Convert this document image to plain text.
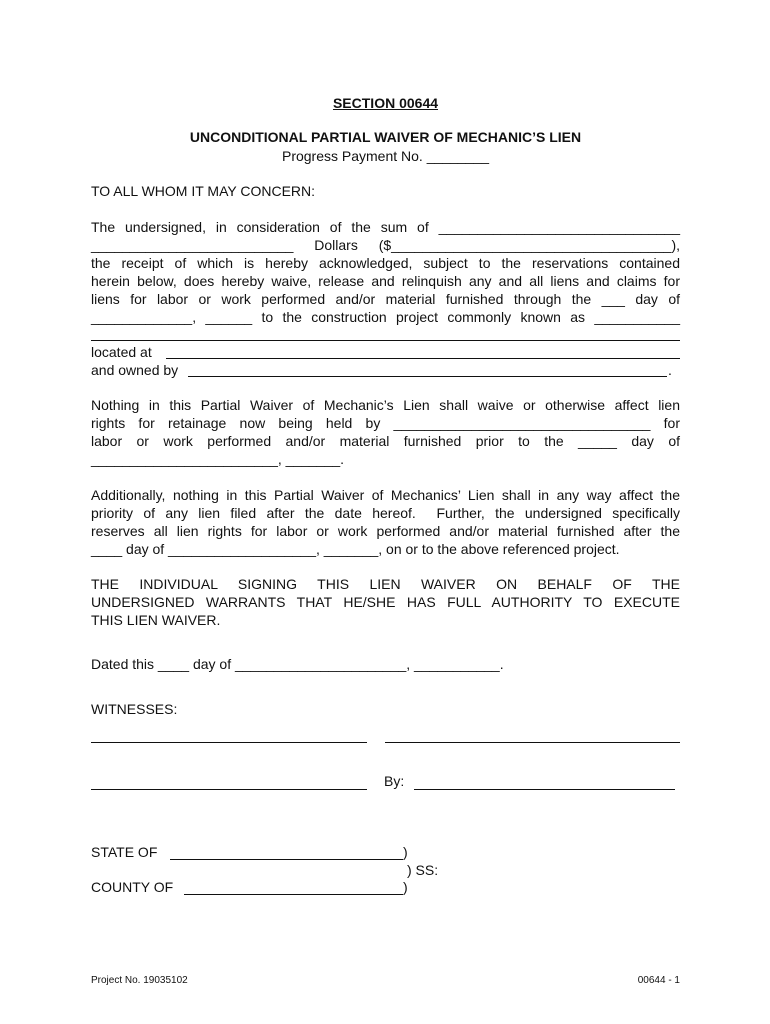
SECTION 00644
UNCONDITIONAL PARTIAL WAIVER OF MECHANIC’S LIEN
Progress Payment No. ________
TO ALL WHOM IT MAY CONCERN:
The undersigned, in consideration of the sum of _______________________________
__________________________ Dollars ($____________________________________),
the receipt of which is hereby acknowledged, subject to the reservations contained
herein below, does hereby waive, release and relinquish any and all liens and claims for
liens for labor or work performed and/or material furnished through the ___ day of
_____________, ______ to the construction project commonly known as ___________
located at
and owned by	.
Nothing in this Partial Waiver of Mechanic’s Lien shall waive or otherwise affect lien
rights for retainage now being held by _________________________________ for
labor or work performed and/or material furnished prior to the _____ day of
________________________, _______.
Additionally, nothing in this Partial Waiver of Mechanics’ Lien shall in any way affect the
priority of any lien filed after the date hereof.  Further, the undersigned specifically
reserves all lien rights for labor or work performed and/or material furnished after the
____ day of ___________________, _______, on or to the above referenced project.
THE INDIVIDUAL SIGNING THIS LIEN WAIVER ON BEHALF OF THE
UNDERSIGNED WARRANTS THAT HE/SHE HAS FULL AUTHORITY TO EXECUTE
THIS LIEN WAIVER.
Dated this ____ day of ______________________, ___________.
WITNESSES:
By:
STATE OF	)
) SS:
COUNTY OF	)
Project No. 19035102	00644 - 1
